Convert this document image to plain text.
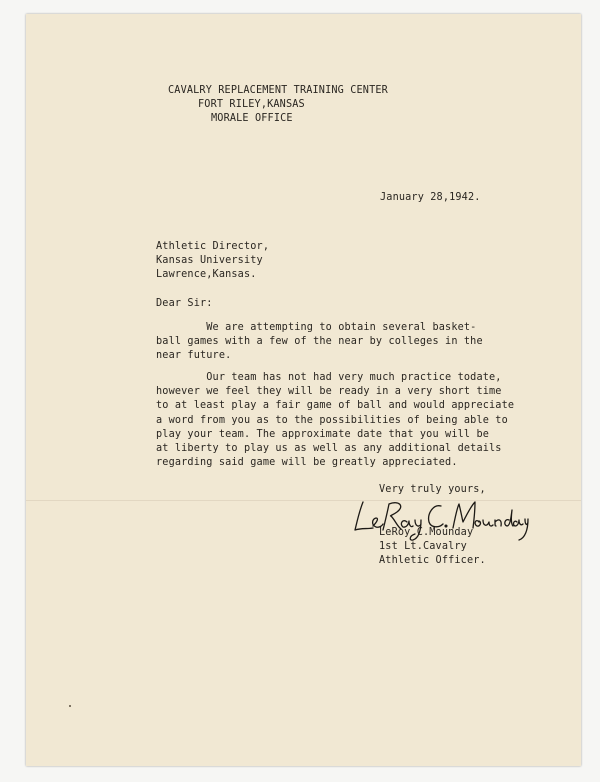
CAVALRY REPLACEMENT TRAINING CENTER

FORT RILEY,KANSAS

MORALE OFFICE

January 28,1942.

Athletic Director,

Kansas University

Lawrence,Kansas.

Dear Sir:

We are attempting to obtain several basket-
ball games with a few of the near by colleges in the
near future.

Our team has not had very much practice todate,
however we feel they will be ready in a very short time
to at least play a fair game of ball and would appreciate
a word from you as to the possibilities of being able to
play your team. The approximate date that you will be
at liberty to play us as well as any additional details
regarding said game will be greatly appreciated.

Very truly yours,

LeRoy C.Mounday

1st Lt.Cavalry

Athletic Officer.
